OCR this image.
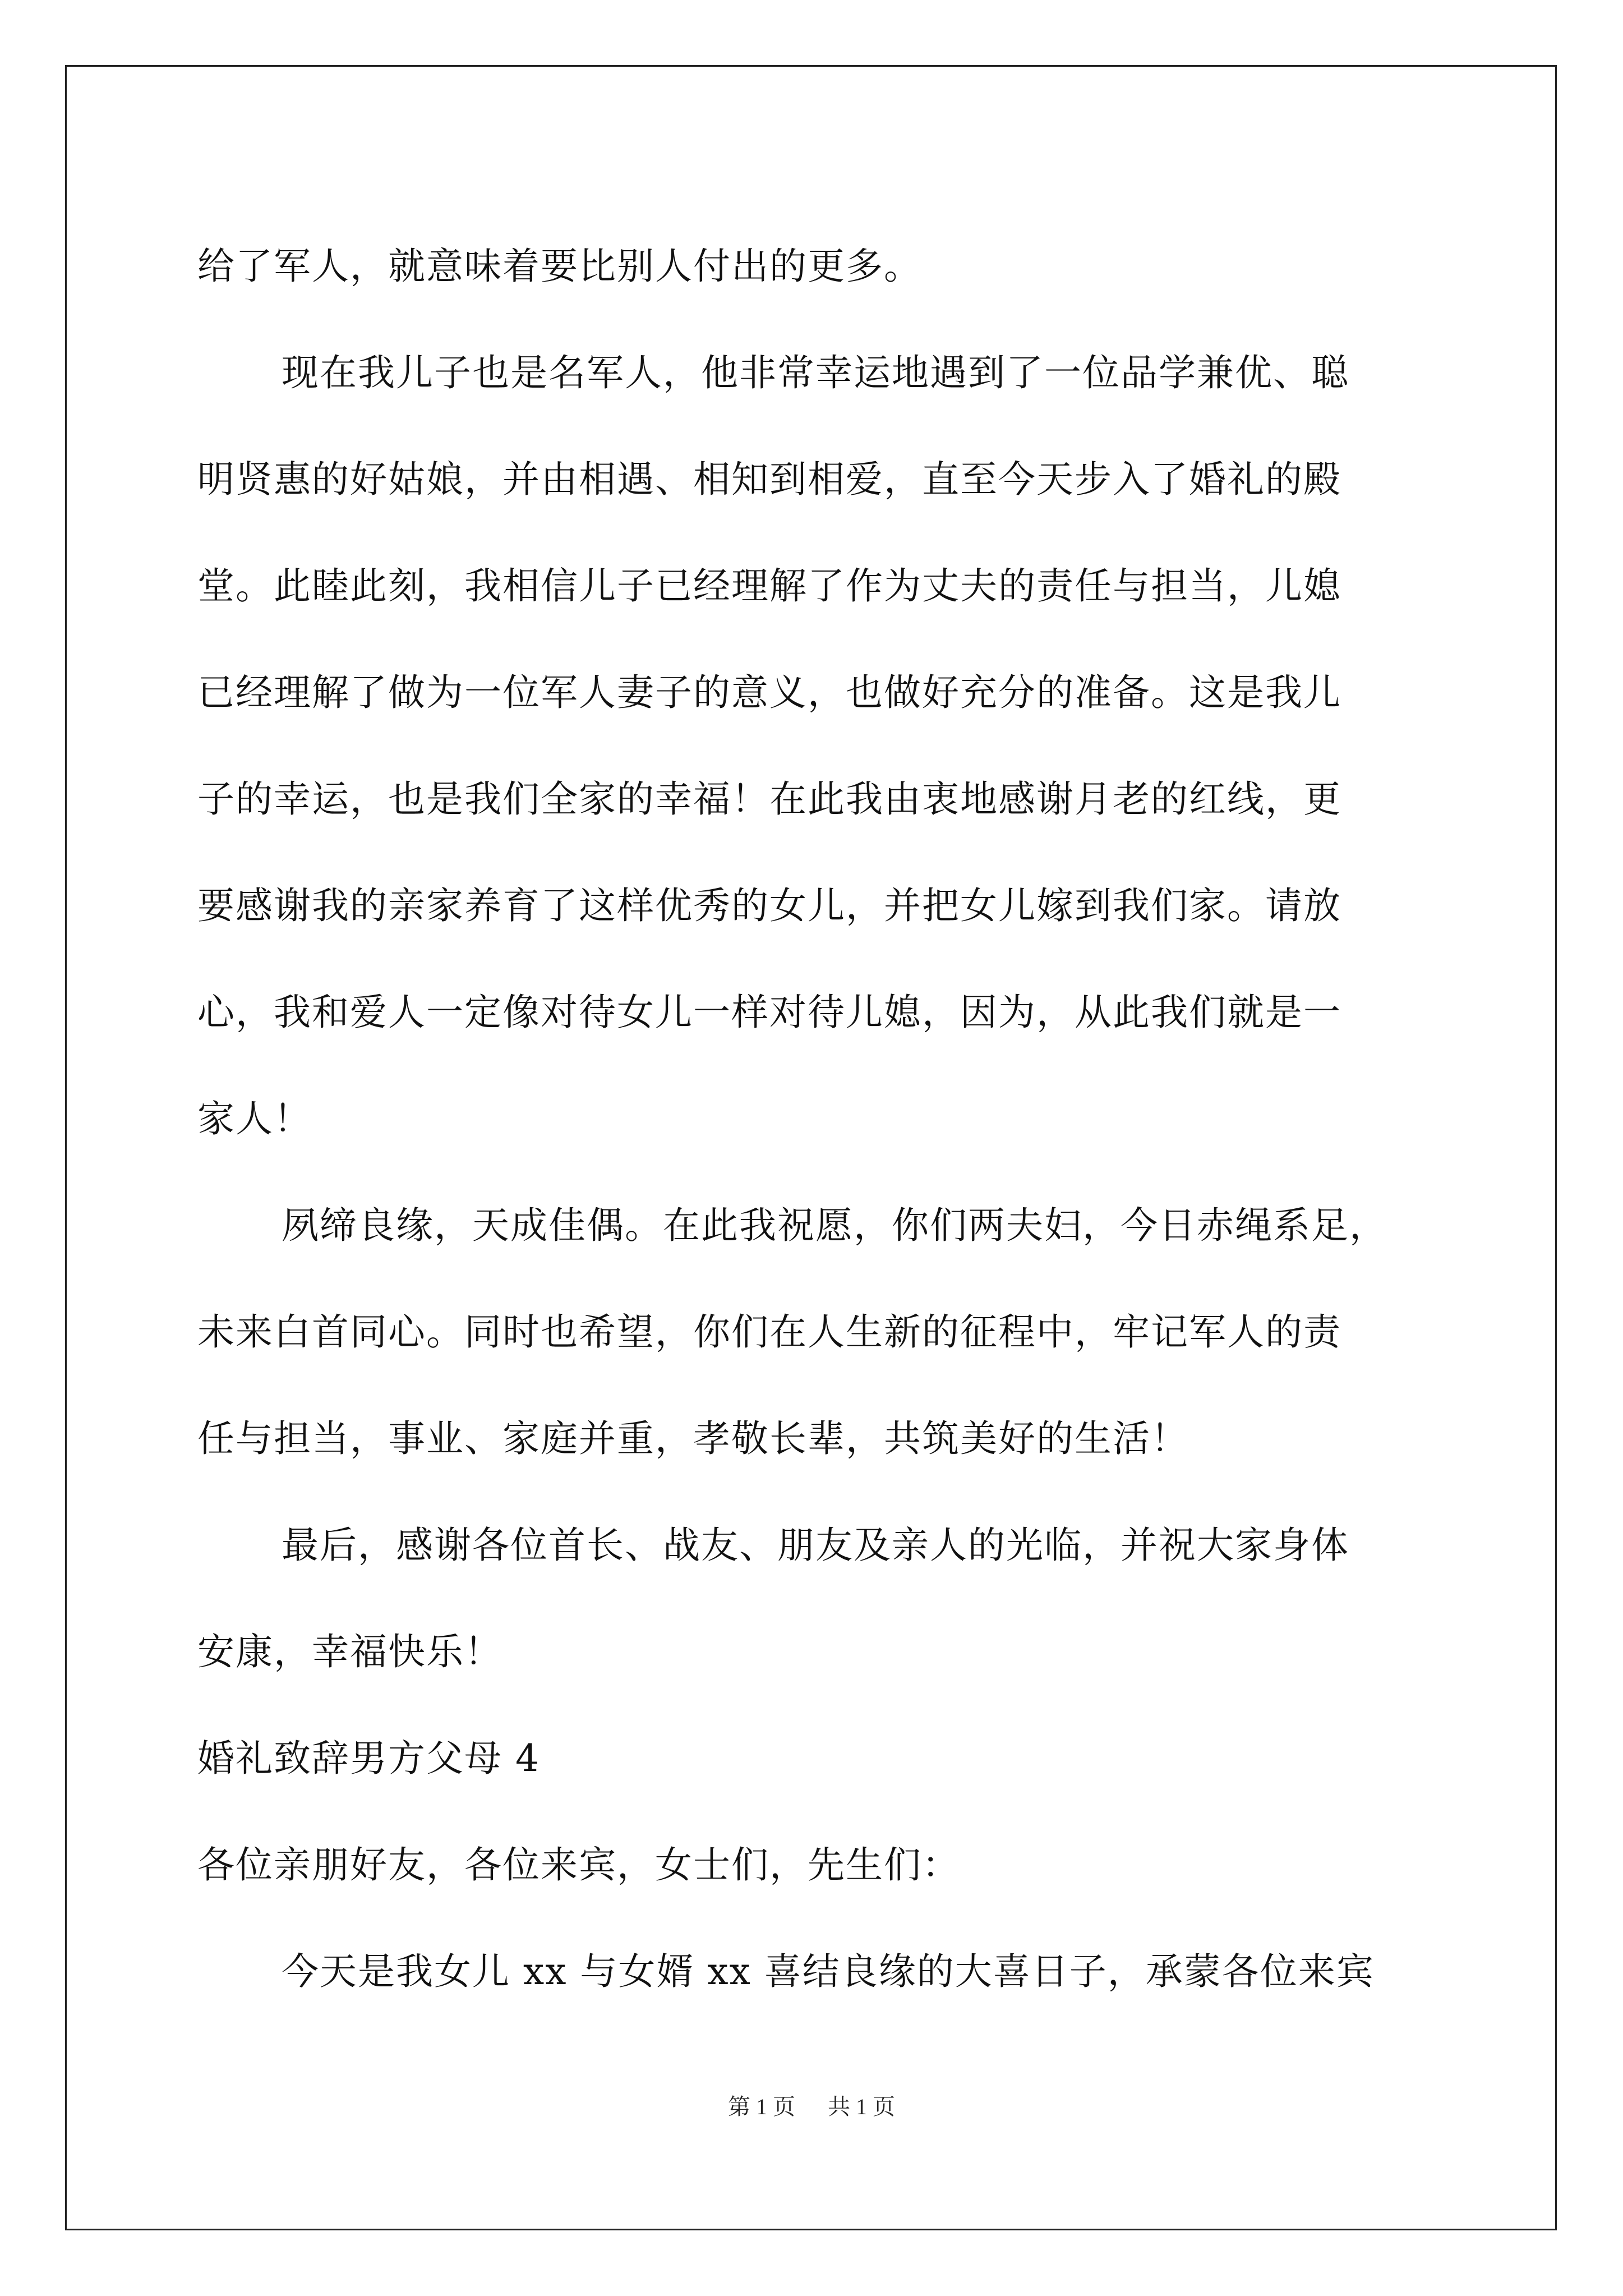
给了军人，就意味着要比别人付出的更多。
现在我儿子也是名军人，他非常幸运地遇到了一位品学兼优、聪
明贤惠的好姑娘，并由相遇、相知到相爱，直至今天步入了婚礼的殿
堂。此睦此刻，我相信儿子已经理解了作为丈夫的责任与担当，儿媳
已经理解了做为一位军人妻子的意义，也做好充分的准备。这是我儿
子的幸运，也是我们全家的幸福！在此我由衷地感谢月老的红线，更
要感谢我的亲家养育了这样优秀的女儿，并把女儿嫁到我们家。请放
心，我和爱人一定像对待女儿一样对待儿媳，因为，从此我们就是一
家人！
夙缔良缘，天成佳偶。在此我祝愿，你们两夫妇，今日赤绳系足，
未来白首同心。同时也希望，你们在人生新的征程中，牢记军人的责
任与担当，事业、家庭并重，孝敬长辈，共筑美好的生活！
最后，感谢各位首长、战友、朋友及亲人的光临，并祝大家身体
安康，幸福快乐！
婚礼致辞男方父母 4
各位亲朋好友，各位来宾，女士们，先生们：
今天是我女儿 xx 与女婿 xx 喜结良缘的大喜日子，承蒙各位来宾
第 1 页 共 1 页
